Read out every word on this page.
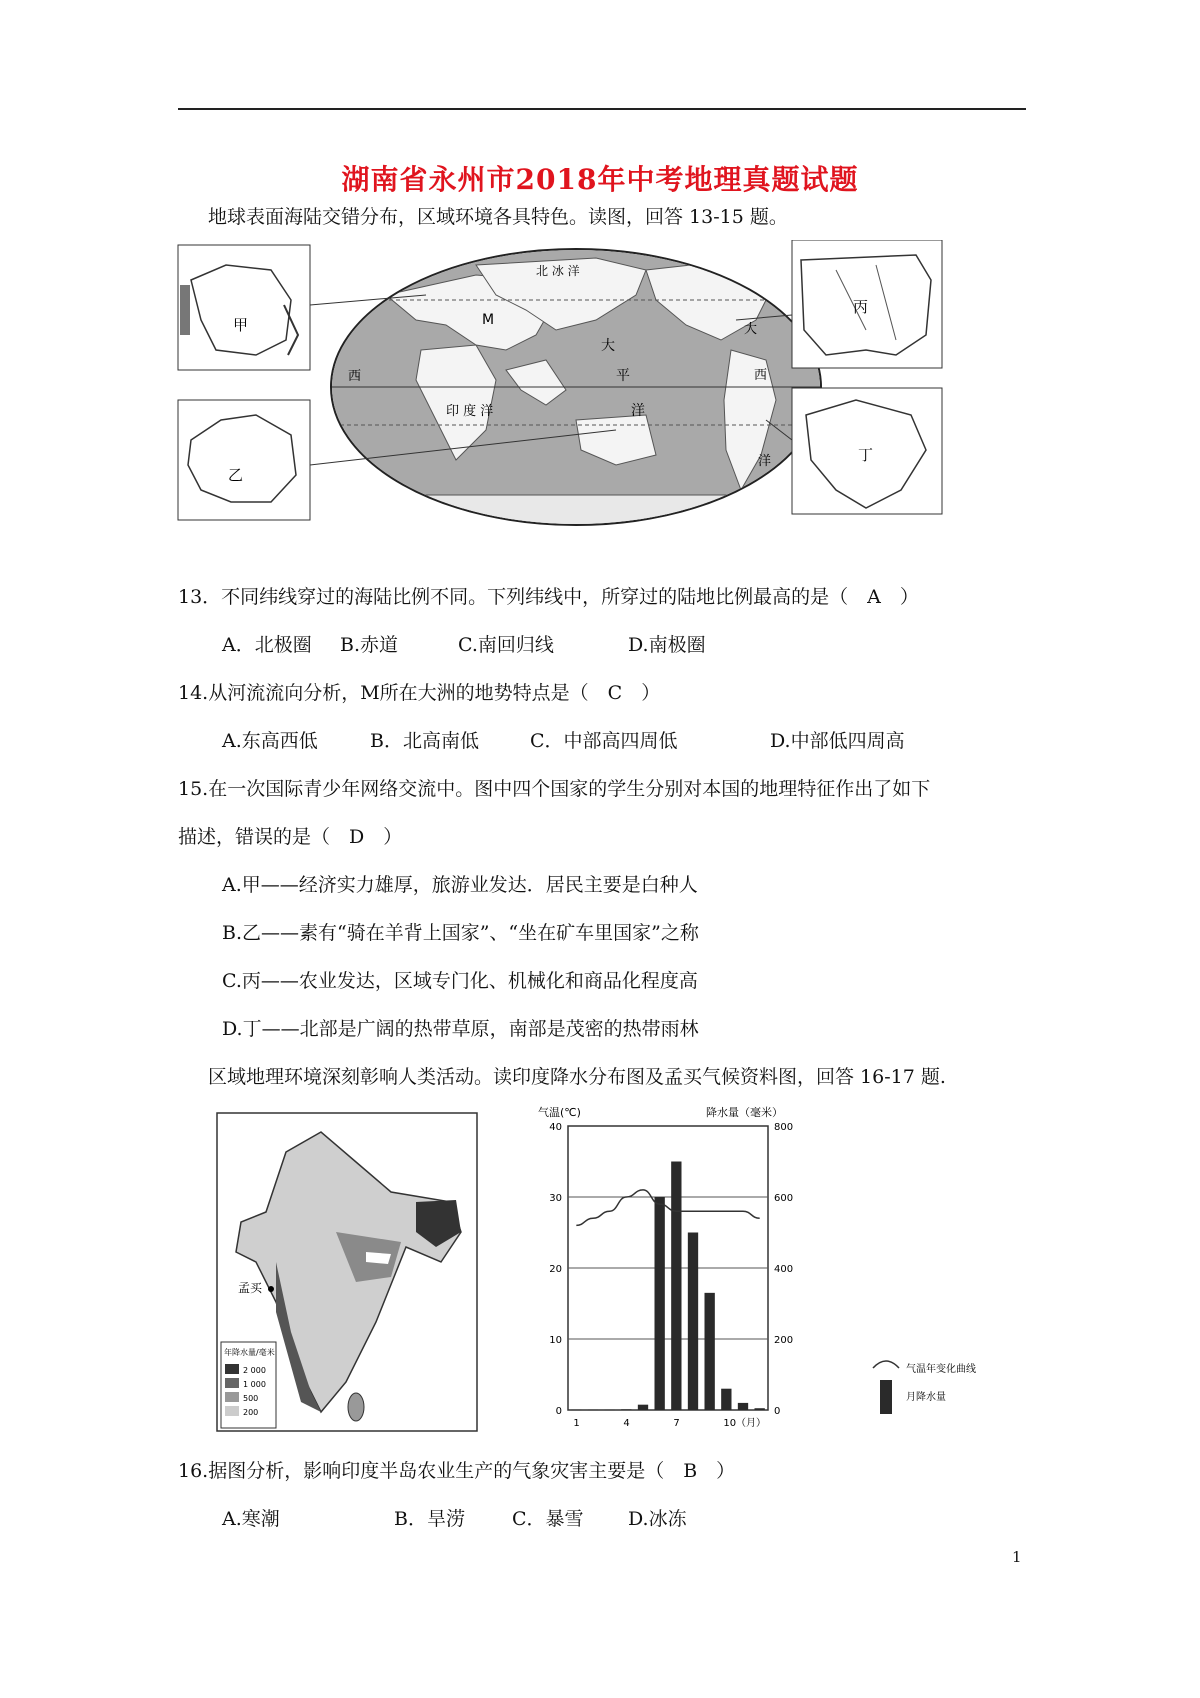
湖南省永州市2018年中考地理真题试题
地球表面海陆交错分布，区域环境各具特色。读图，回答 13-15 题。
北 冰 洋
M
大
平
洋
印 度 洋
西	西
大
洋
甲
乙
丙
丁
13．不同纬线穿过的海陆比例不同。下列纬线中，所穿过的陆地比例最高的是（　A　）
A．北极圈 B.赤道	C.南回归线	D.南极圈
14.从河流流向分析，M所在大洲的地势特点是（　C　）
A.东高西低	B．北高南低	C．中部高四周低	D.中部低四周高
15.在一次国际青少年网络交流中。图中四个国家的学生分别对本国的地理特征作出了如下
描述，错误的是（　D　）
A.甲——经济实力雄厚，旅游业发达．居民主要是白种人
B.乙——素有“骑在羊背上国家”、“坐在矿车里国家”之称
C.丙——农业发达，区域专门化、机械化和商品化程度高
D.丁——北部是广阔的热带草原，南部是茂密的热帯雨林
区域地理环境深刻彰响人类活动。读印度降水分布图及孟买气候资料图，回答 16-17 题.
孟买
年降水量/毫米
2 000
1 000
500
200
气温(℃)	降水量（毫米）
40
30
20
10
0
800
600
400
200
0
1	4	7	10（月）
气温年变化曲线
月降水量
16.据图分析，影响印度半岛农业生产的气象灾害主要是（　B　）
A.寒潮	B．旱涝 C．暴雪 D.冰冻
1
